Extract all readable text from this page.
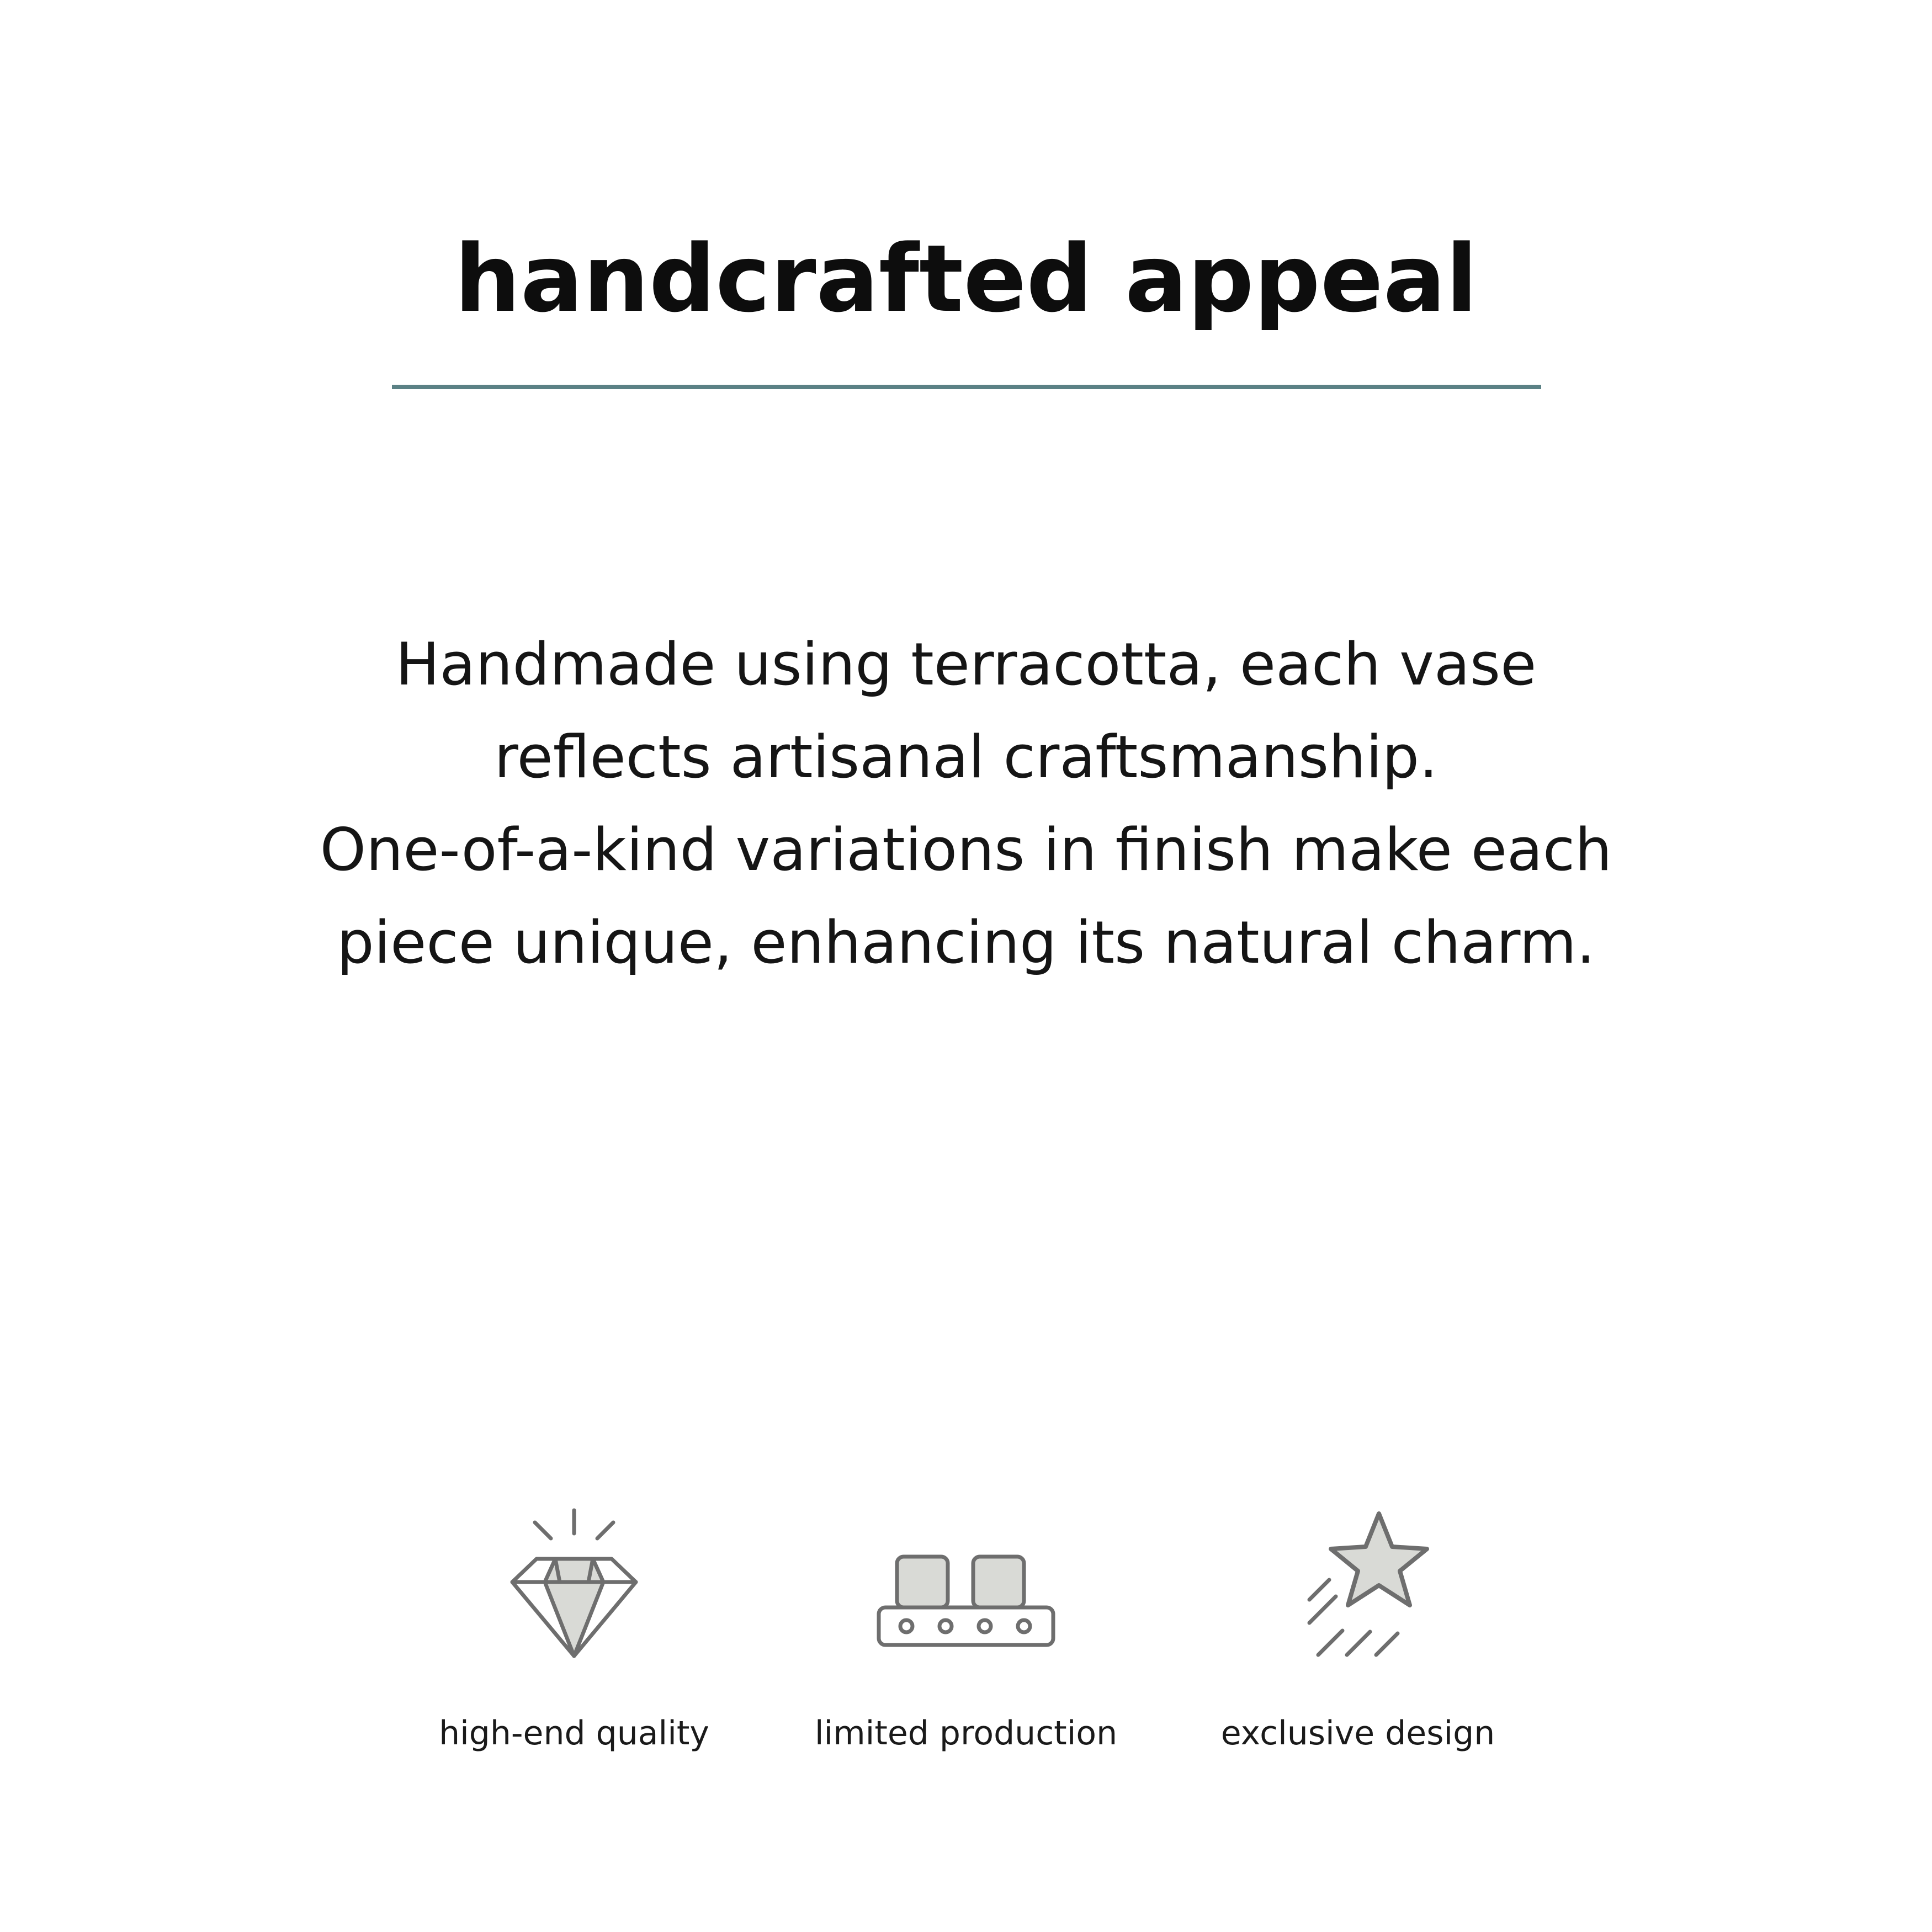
handcrafted appeal
Handmade using terracotta, each vase
reflects artisanal craftsmanship.
One-of-a-kind variations in finish make each
piece unique, enhancing its natural charm.
high-end quality	limited production	exclusive design
